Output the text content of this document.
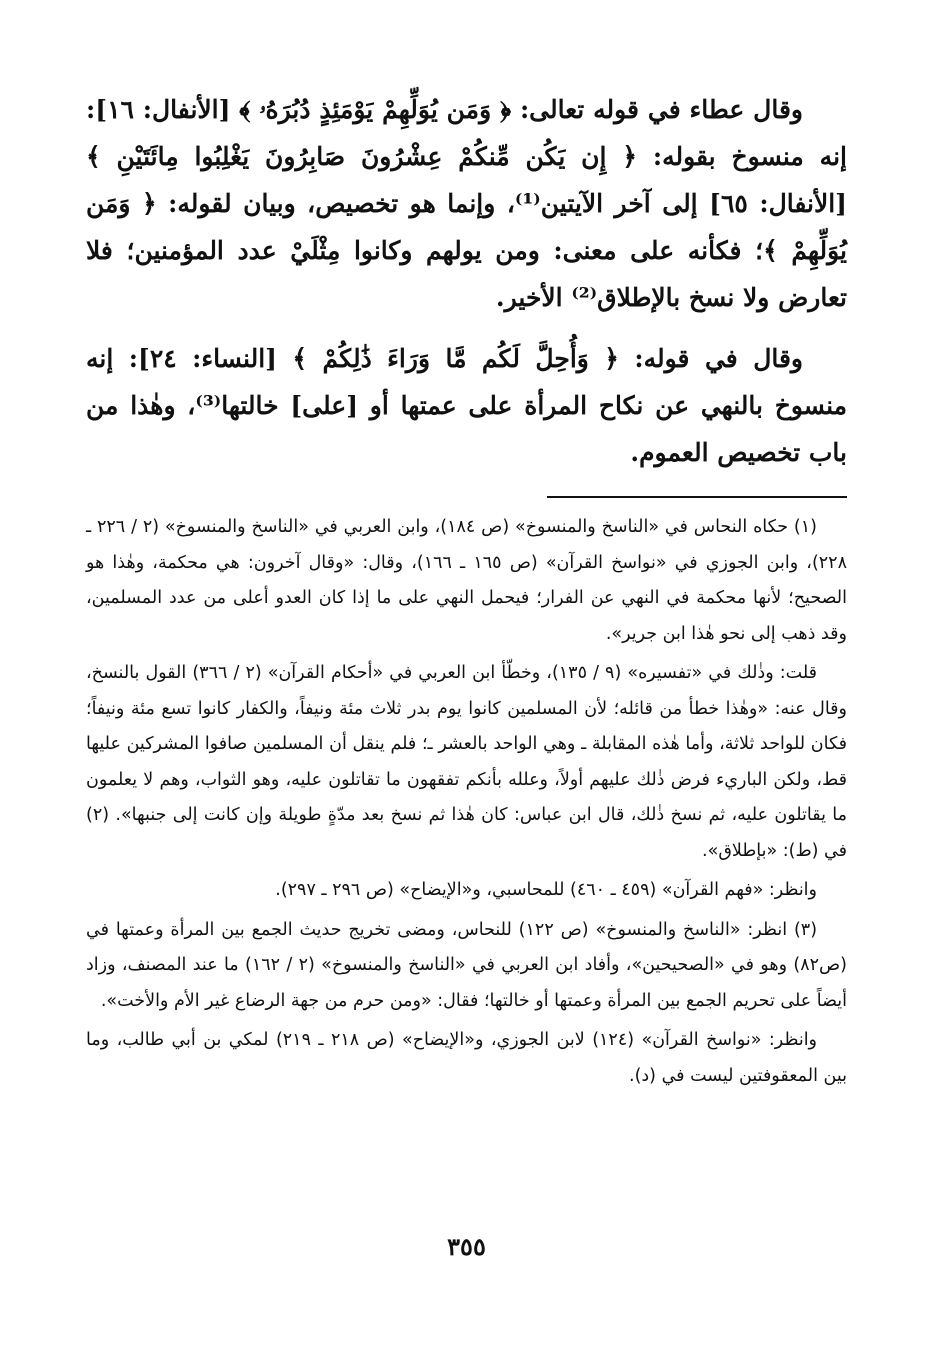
وقال عطاء في قوله تعالى: ﴿ وَمَن يُوَلِّهِمْ يَوْمَئِذٍ دُبُرَهُۥ ﴾ [الأنفال: ١٦]: إنه منسوخ بقوله: ﴿ إِن يَكُن مِّنكُمْ عِشْرُونَ صَابِرُونَ يَغْلِبُوا مِائَتَيْنِ ﴾ [الأنفال: ٦٥] إلى آخر الآيتين⁽¹⁾، وإنما هو تخصيص، وبيان لقوله: ﴿ وَمَن يُوَلِّهِمْ ﴾؛ فكأنه على معنى: ومن يولهم وكانوا مِثْلَيْ عدد المؤمنين؛ فلا تعارض ولا نسخ بالإطلاق⁽²⁾ الأخير.

وقال في قوله: ﴿ وَأُحِلَّ لَكُم مَّا وَرَاءَ ذَٰلِكُمْ ﴾ [النساء: ٢٤]: إنه منسوخ بالنهي عن نكاح المرأة على عمتها أو [على] خالتها⁽³⁾، وهٰذا من باب تخصيص العموم.

(١) حكاه النحاس في «الناسخ والمنسوخ» (ص ١٨٤)، وابن العربي في «الناسخ والمنسوخ» (٢ / ٢٢٦ ـ ٢٢٨)، وابن الجوزي في «نواسخ القرآن» (ص ١٦٥ ـ ١٦٦)، وقال: «وقال آخرون: هي محكمة، وهٰذا هو الصحيح؛ لأنها محكمة في النهي عن الفرار؛ فيحمل النهي على ما إذا كان العدو أعلى من عدد المسلمين، وقد ذهب إلى نحو هٰذا ابن جرير».

قلت: وذٰلك في «تفسيره» (٩ / ١٣٥)، وخطّأ ابن العربي في «أحكام القرآن» (٢ / ٣٦٦) القول بالنسخ، وقال عنه: «وهٰذا خطأ من قائله؛ لأن المسلمين كانوا يوم بدر ثلاث مئة ونيفاً، والكفار كانوا تسع مئة ونيفاً؛ فكان للواحد ثلاثة، وأما هٰذه المقابلة ـ وهي الواحد بالعشر ـ؛ فلم ينقل أن المسلمين صافوا المشركين عليها قط، ولكن الباريء فرض ذٰلك عليهم أولاً، وعلله بأنكم تفقهون ما تقاتلون عليه، وهو الثواب، وهم لا يعلمون ما يقاتلون عليه، ثم نسخ ذٰلك، قال ابن عباس: كان هٰذا ثم نسخ بعد مدّةٍ طويلة وإن كانت إلى جنبها». (٢) في (ط): «بإطلاق».

وانظر: «فهم القرآن» (٤٥٩ ـ ٤٦٠) للمحاسبي، و«الإيضاح» (ص ٢٩٦ ـ ٢٩٧).

(٣) انظر: «الناسخ والمنسوخ» (ص ١٢٢) للنحاس، ومضى تخريج حديث الجمع بين المرأة وعمتها في (ص٨٢) وهو في «الصحيحين»، وأفاد ابن العربي في «الناسخ والمنسوخ» (٢ / ١٦٢) ما عند المصنف، وزاد أيضاً على تحريم الجمع بين المرأة وعمتها أو خالتها؛ فقال: «ومن حرم من جهة الرضاع غير الأم والأخت».

وانظر: «نواسخ القرآن» (١٢٤) لابن الجوزي، و«الإيضاح» (ص ٢١٨ ـ ٢١٩) لمكي بن أبي طالب، وما بين المعقوفتين ليست في (د).

٣٥٥
